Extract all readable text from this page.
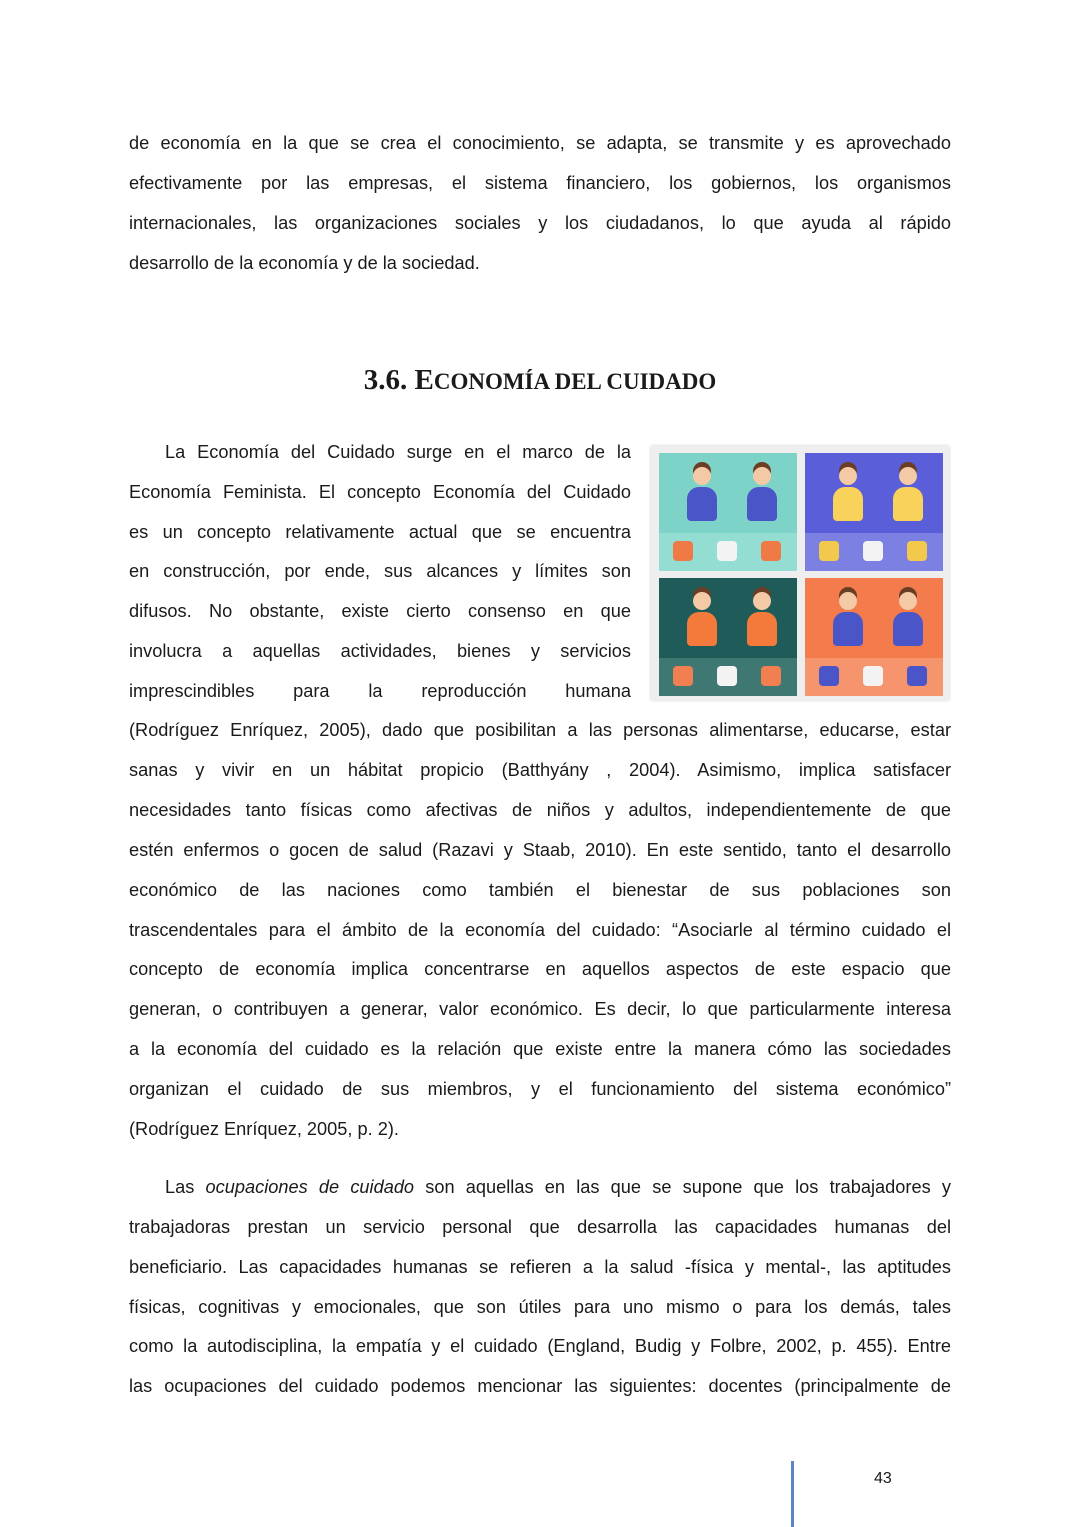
de economía en la que se crea el conocimiento, se adapta, se transmite y es aprovechado
efectivamente por las empresas, el sistema financiero, los gobiernos, los organismos
internacionales, las organizaciones sociales y los ciudadanos, lo que ayuda al rápido
desarrollo de la economía y de la sociedad.
3.6. ECONOMÍA DEL CUIDADO
La Economía del Cuidado surge en el marco de la
Economía Feminista. El concepto Economía del Cuidado
es un concepto relativamente actual que se encuentra
en construcción, por ende, sus alcances y límites son
difusos. No obstante, existe cierto consenso en que
involucra a aquellas actividades, bienes y servicios
imprescindibles para la reproducción humana
(Rodríguez Enríquez, 2005), dado que posibilitan a las personas alimentarse, educarse, estar
sanas y vivir en un hábitat propicio (Batthyány , 2004). Asimismo, implica satisfacer
necesidades tanto físicas como afectivas de niños y adultos, independientemente de que
estén enfermos o gocen de salud (Razavi y Staab, 2010). En este sentido, tanto el desarrollo
económico de las naciones como también el bienestar de sus poblaciones son
trascendentales para el ámbito de la economía del cuidado: “Asociarle al término cuidado el
concepto de economía implica concentrarse en aquellos aspectos de este espacio que
generan, o contribuyen a generar, valor económico. Es decir, lo que particularmente interesa
a la economía del cuidado es la relación que existe entre la manera cómo las sociedades
organizan el cuidado de sus miembros, y el funcionamiento del sistema económico”
(Rodríguez Enríquez, 2005, p. 2).
Las ocupaciones de cuidado son aquellas en las que se supone que los trabajadores y
trabajadoras prestan un servicio personal que desarrolla las capacidades humanas del
beneficiario. Las capacidades humanas se refieren a la salud -física y mental-, las aptitudes
físicas, cognitivas y emocionales, que son útiles para uno mismo o para los demás, tales
como la autodisciplina, la empatía y el cuidado (England, Budig y Folbre, 2002, p. 455). Entre
las ocupaciones del cuidado podemos mencionar las siguientes: docentes (principalmente de
43
